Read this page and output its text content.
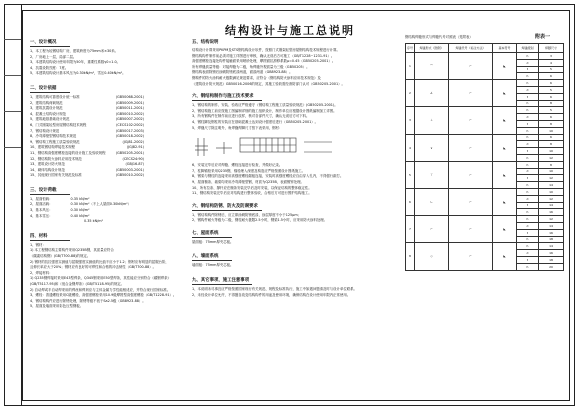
结构设计与施工总说明
一、设计概况
1、本工程为轻钢结构厂房，建筑跨度为75mm米×30米。
2、厂房地上一层，局部二层。
3、本建筑结构设计使用年限为50年，重要性系数γ0=1.0。
4、抗震设防烈度：7度。
5、本建筑结构设计基本风压为0.30kN/m²，雪压0.40kN/m²。
二、设计依据
1、建筑结构可靠度设计统一标准	(GB50068-2001)
2、建筑结构荷载规范	(GB50009-2001)
3、建筑抗震设计规范	(GB50011-2001)
4、混凝土结构设计规范	(GB50010-2002)
5、建筑地基基础设计规范	(GB50007-2002)
6、门式刚架轻型房屋钢结构技术规程	(CECS102:2002)
7、钢结构设计规范	(GB50017-2003)
8、冷弯薄壁型钢结构技术规范	(GB50018-2002)
9、钢结构工程施工质量验收规范	(JGJ81-2002)
10、建筑钢结构焊接技术规程	(JGJ82-91)
11、钢结构高强度螺栓连接的设计施工及验收规程	(GB50205-2001)
12、钢结构防火涂料应用技术规范	(CECS24:90)
13、建筑设计防火规范	(GBJ16-87)
14、砌体结构设计规范	(GB50003-2001)
15、其他现行国家有关规范及标准	(GB50010-2002)
三、设计荷载
1、屋面恒载：	0.35 kN/m²
2、屋面活载：	0.30 kN/m²（不上人屋面0.30kN/m²）
3、基本风压：	0.30 kN/m²
4、基本雪压：	0.40 kN/m²
0.35 kN/m²
四、材料
1、钢材：
1) 本工程钢结构主要构件采用Q235B钢，其质量应符合
《碳素结构钢》(GB/T700-88)的规定。
2) 钢材的抗拉强度实测值与屈服强度实测值的比值不应小于1.2；钢材应有明显的屈服台阶，
且伸长率应大于20%；钢材应有良好的可焊性和合格的冲击韧性（GB/T700-88）。
2、焊接材料：
1) Q235钢焊接时采用E43型焊条，Q345钢采用E50型焊条，其性能应分别符合《碳钢焊条》
(GB/T5117-95)和《低合金钢焊条》(GB/T5118-95)的规定。
2) 自动焊或半自动焊采用的焊丝和焊剂应与主体金属力学性能相适应，并符合现行国家标准。
3、螺栓：普通螺栓采用C级螺栓，高强度螺栓采用10.9级摩擦型高强度螺栓（GB/T1228-91）。
4、钢结构构件应进行除锈处理，除锈等级不低于Sa2.5级（GB8923-88）。
5、屋面及墙面采用彩色压型钢板。
五、结构说明
结构设计计算采用PKPM及STS钢结构设计软件，按照门式刚架轻型房屋钢结构技术规程进行计算。
钢结构构件制作前必须对施工详图进行审核，确认无误后方可施工（GB/T1228~1231-91）。
高强度螺栓连接处构件接触面采用喷砂处理，摩擦面抗滑移系数μ=0.45（GB50205-2001）。
所有焊缝质量等级：对接焊缝为二级，角焊缝外观质量为三级（GB50205）。
钢结构表面除锈后涂刷防锈底漆两道，面漆两道（GB8923-88）。
钢构件的防火涂料耐火极限满足规范要求，应符合《钢结构防火涂料应用技术规范》及
《建筑设计防火规范》GB50016-2006的规定，其施工验收需经消防部门认可（GB50205-2001）。
六、钢结构制作与施工技术要求
1、钢结构的制作、安装、验收应严格遵守《钢结构工程施工质量验收规范》(GB50205-2001)。
2、钢结构施工前应按施工图编制详细的施工组织设计，制作单位应根据设计图纸编制加工详图。
3、所有钢构件在制作前应进行放样，核对各部件尺寸，确认无误后方可下料。
4、钢柱脚及钢柱的安装应在基础混凝土达到设计强度后进行（GB50205-2001）。
5、焊缝尺寸除注明外，角焊缝焊脚尺寸按下表采用，钢材：
6、安装完毕后应对焊缝、螺栓连接进行检查，并做好记录。
7、柱脚锚栓采用Q235钢，锚栓埋入深度及构造应严格按照设计图纸施工。
8、钢梁与钢柱的连接采用高强度螺栓端板连接，安装时高强度螺栓应自由穿入孔内，不得强行敲打。
9、屋面檩条、墙梁均采用冷弯薄壁型钢，材质为Q235B，表面镀锌处理。
10、所有拉条、撑杆应在檩条安装完毕后及时安装，以保证结构的整体稳定性。
11、钢结构安装完毕后应对结构进行整体验收，合格后方可进行围护结构施工。
六、钢结构防锈、防火及防腐要求
1、钢结构构件除锈后，应立即涂刷防锈底漆，涂层厚度不小于125μm；
2、钢构件耐火等级为二级，钢柱耐火极限2.5小时，钢梁1.5小时，应采用防火涂料处理。
七、屋面系统
屋面板：75mm厚夹芯板。
八、墙面系统
墙面板：75mm厚夹芯板。
九、其它事项、施工注意事项
1、本说明未尽事宜应严格按照国家现行有关规范、规程及标准执行，施工中如遇问题请及时与设计单位联系。
2、未经设计单位允许，不得擅自改变结构构件的用途及使用环境，确保结构在设计使用年限内正常使用。
钢结构焊缝形式与焊缝代号对照表（见附表）	附表一
序号	焊缝形式（图例）	焊缝代号（标注方法）	基本符号	焊缝级别	焊脚尺寸
1	⌒	⌐	◣	h	3
				d	4
				t	5
				h	6
2	∠	⌐	◣	h	6
				d	5
				t	6
				h	8
3	⊥	⌐	◣	h	5
				d	6
				t	8
				h	10
4	∨	⌐	◣	h	6
				d	8
				t	10
				h	12
5	⊤	⌐	◣	h	8
				d	10
				t	12
				h	14
6	∟	⌐	◣	h	10
				d	12
				t	14
				h	16
7	⌐	⌐	◣	h	12
				d	14
				t	16
				h	18
8	◇	⌐	◣	h	14
				d	16
				t	18
				h	20
